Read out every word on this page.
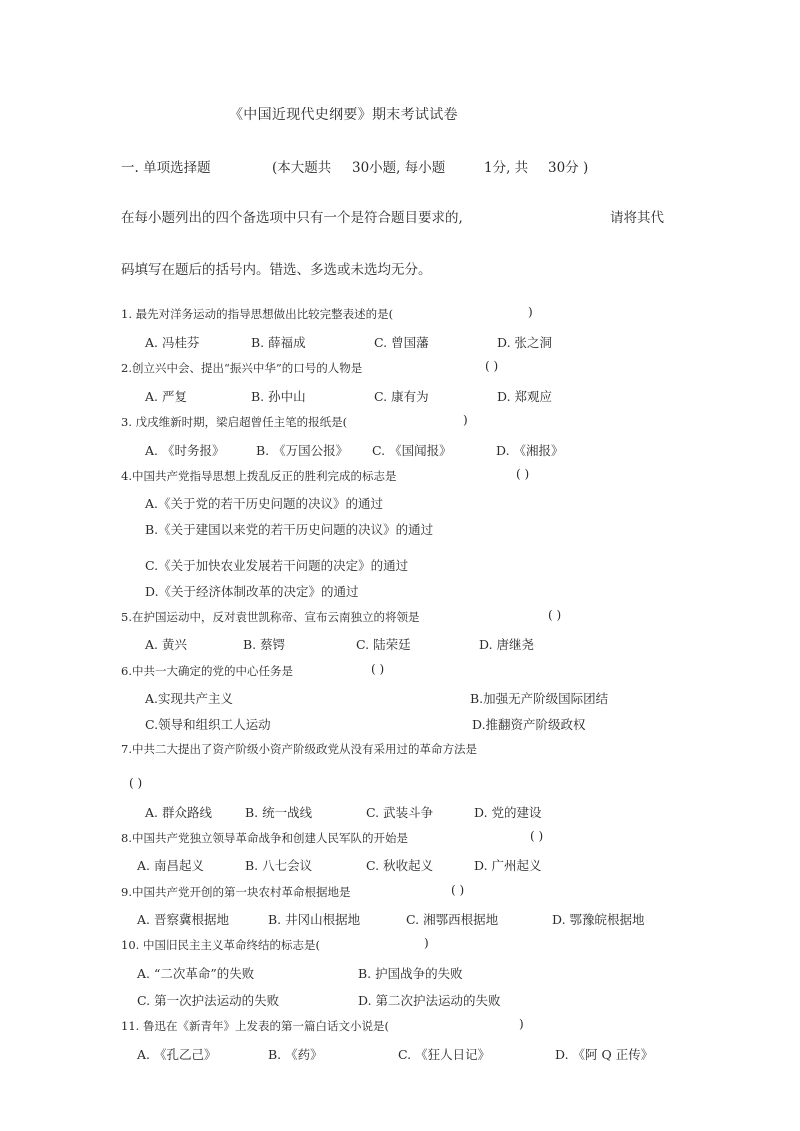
《中国近现代史纲要》期末考试试卷
一. 单项选择题	(本大题共 30小题, 每小题	1分, 共 30分 )
在每小题列出的四个备选项中只有一个是符合题目要求的,	请将其代
码填写在题后的括号内。错选、多选或未选均无分。
1. 最先对洋务运动的指导思想做出比较完整表述的是(	)
A. 冯桂芬	B. 薛福成	C. 曾国藩	D. 张之洞
2.创立兴中会、提出“振兴中华”的口号的人物是	( )
A. 严复	B. 孙中山	C. 康有为	D. 郑观应
3. 戊戌维新时期，梁启超曾任主笔的报纸是(	)
A. 《时务报》	B. 《万国公报》 C. 《国闻报》	D. 《湘报》
4.中国共产党指导思想上拨乱反正的胜利完成的标志是	( )
A.《关于党的若干历史问题的决议》的通过
B.《关于建国以来党的若干历史问题的决议》的通过
C.《关于加快农业发展若干问题的决定》的通过
D.《关于经济体制改革的决定》的通过
5.在护国运动中，反对袁世凯称帝、宣布云南独立的将领是	( )
A. 黄兴	B. 蔡锷	C. 陆荣廷	D. 唐继尧
6.中共一大确定的党的中心任务是	( )
A.实现共产主义	B.加强无产阶级国际团结
C.领导和组织工人运动	D.推翻资产阶级政权
7.中共二大提出了资产阶级小资产阶级政党从没有采用过的革命方法是
( )
A. 群众路线	B. 统一战线	C. 武装斗争	D. 党的建设
8.中国共产党独立领导革命战争和创建人民军队的开始是	( )
A. 南昌起义	B. 八七会议	C. 秋收起义	D. 广州起义
9.中国共产党开创的第一块农村革命根据地是	( )
A. 晋察冀根据地	B. 井冈山根据地	C. 湘鄂西根据地	D. 鄂豫皖根据地
10. 中国旧民主主义革命终结的标志是(	)
A. “二次革命”的失败	B. 护国战争的失败
C. 第一次护法运动的失败	D. 第二次护法运动的失败
11. 鲁迅在《新青年》上发表的第一篇白话文小说是(	)
A. 《孔乙己》	B. 《药》	C. 《狂人日记》	D. 《阿 Q 正传》
